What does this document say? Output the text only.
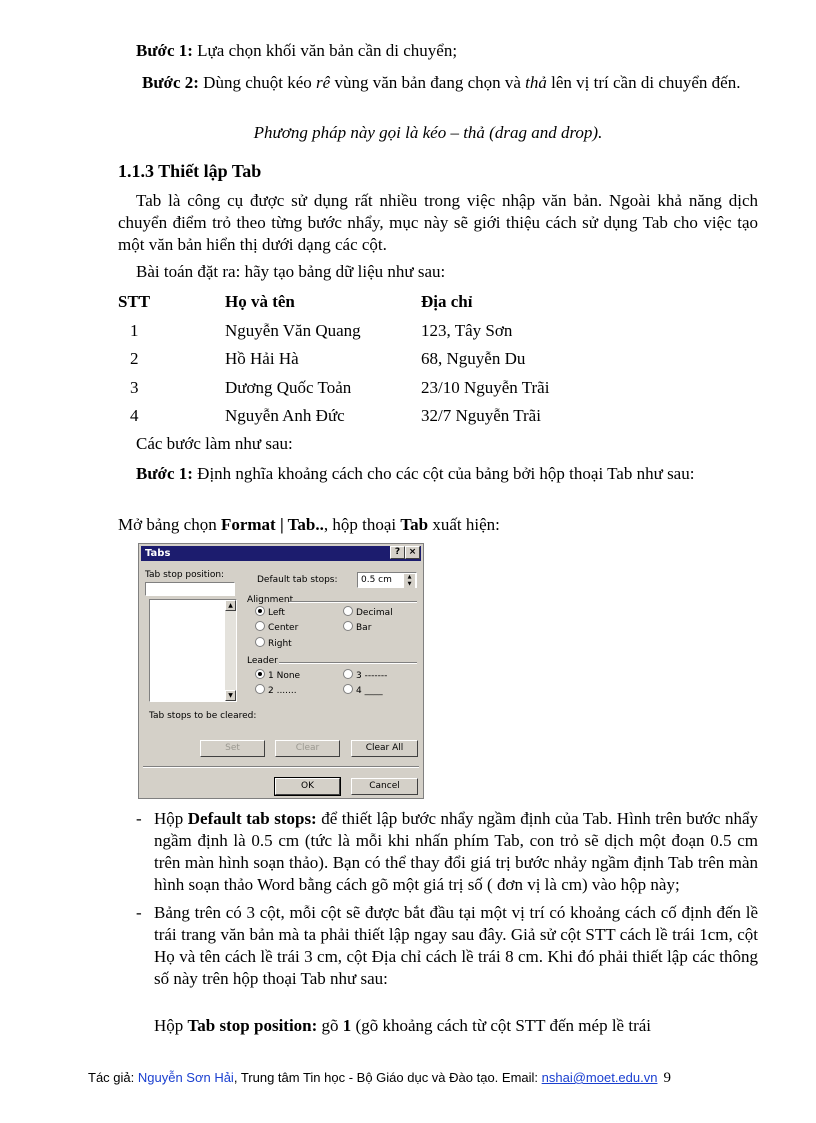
Bước 1: Lựa chọn khối văn bản cần di chuyển;

Bước 2: Dùng chuột kéo rê vùng văn bản đang chọn và thả lên vị trí cần di chuyển đến.

Phương pháp này gọi là kéo – thả (drag and drop).

1.1.3 Thiết lập Tab

Tab là công cụ được sử dụng rất nhiều trong việc nhập văn bản. Ngoài khả năng dịch chuyển điểm trỏ theo từng bước nhẩy, mục này sẽ giới thiệu cách sử dụng Tab cho việc tạo một văn bản hiển thị dưới dạng các cột.

Bài toán đặt ra: hãy tạo bảng dữ liệu như sau:

STT	Họ và tên	Địa chỉ
1	Nguyễn Văn Quang	123, Tây Sơn
2	Hồ Hải Hà	68, Nguyễn Du
3	Dương Quốc Toản	23/10 Nguyễn Trãi
4	Nguyễn Anh Đức	32/7 Nguyễn Trãi

Các bước làm như sau:

Bước 1: Định nghĩa khoảng cách cho các cột của bảng bởi hộp thoại Tab như sau:

Mở bảng chọn Format | Tab.., hộp thoại Tab xuất hiện:

Tabs	? ×
Tab stop position:
▲
▼
Default tab stops:	0.5 cm	▲
▼
Alignment
Left	Decimal
Center	Bar
Right
Leader
1 None	3 -------
2 .......	4 ____
Tab stops to be cleared:
Set	Clear	Clear All
OK	Cancel
- Hộp Default tab stops: để thiết lập bước nhẩy ngầm định của Tab. Hình trên bước nhẩy ngầm định là 0.5 cm (tức là mỗi khi nhấn phím Tab, con trỏ sẽ dịch một đoạn 0.5 cm trên màn hình soạn thảo). Bạn có thể thay đổi giá trị bước nhảy ngầm định Tab trên màn hình soạn thảo Word bằng cách gõ một giá trị số ( đơn vị là cm) vào hộp này;
- Bảng trên có 3 cột, mỗi cột sẽ được bắt đầu tại một vị trí có khoảng cách cố định đến lề trái trang văn bản mà ta phải thiết lập ngay sau đây. Giả sử cột STT cách lề trái 1cm, cột Họ và tên cách lề trái 3 cm, cột Địa chỉ cách lề trái 8 cm. Khi đó phải thiết lập các thông số này trên hộp thoại Tab như sau:

Hộp Tab stop position: gõ 1 (gõ khoảng cách từ cột STT đến mép lề trái

Tác giả: Nguyễn Sơn Hải, Trung tâm Tin học - Bộ Giáo dục và Đào tạo. Email: nshai@moet.edu.vn 9
